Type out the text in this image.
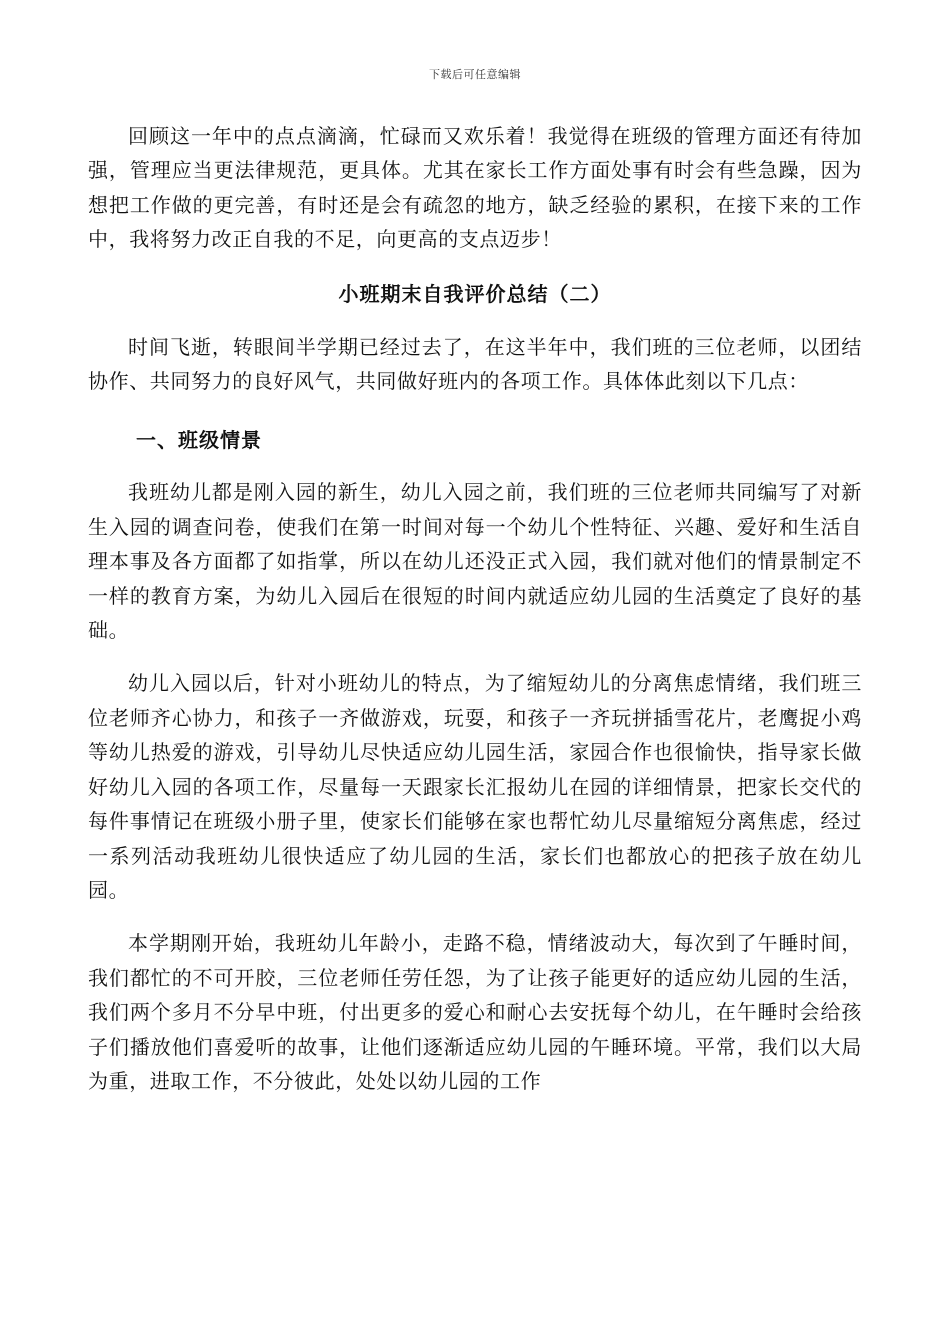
下载后可任意编辑

回顾这一年中的点点滴滴，忙碌而又欢乐着！我觉得在班级的管理方面还有待加强，管理应当更法律规范，更具体。尤其在家长工作方面处事有时会有些急躁，因为想把工作做的更完善，有时还是会有疏忽的地方，缺乏经验的累积，在接下来的工作中，我将努力改正自我的不足，向更高的支点迈步！

小班期末自我评价总结（二）

时间飞逝，转眼间半学期已经过去了，在这半年中，我们班的三位老师，以团结协作、共同努力的良好风气，共同做好班内的各项工作。具体体此刻以下几点：

一、班级情景

我班幼儿都是刚入园的新生，幼儿入园之前，我们班的三位老师共同编写了对新生入园的调查问卷，使我们在第一时间对每一个幼儿个性特征、兴趣、爱好和生活自理本事及各方面都了如指掌，所以在幼儿还没正式入园，我们就对他们的情景制定不一样的教育方案，为幼儿入园后在很短的时间内就适应幼儿园的生活奠定了良好的基础。

幼儿入园以后，针对小班幼儿的特点，为了缩短幼儿的分离焦虑情绪，我们班三位老师齐心协力，和孩子一齐做游戏，玩耍，和孩子一齐玩拼插雪花片，老鹰捉小鸡等幼儿热爱的游戏，引导幼儿尽快适应幼儿园生活，家园合作也很愉快，指导家长做好幼儿入园的各项工作，尽量每一天跟家长汇报幼儿在园的详细情景，把家长交代的每件事情记在班级小册子里，使家长们能够在家也帮忙幼儿尽量缩短分离焦虑，经过一系列活动我班幼儿很快适应了幼儿园的生活，家长们也都放心的把孩子放在幼儿园。

本学期刚开始，我班幼儿年龄小，走路不稳，情绪波动大，每次到了午睡时间，我们都忙的不可开胶，三位老师任劳任怨，为了让孩子能更好的适应幼儿园的生活，我们两个多月不分早中班，付出更多的爱心和耐心去安抚每个幼儿，在午睡时会给孩子们播放他们喜爱听的故事，让他们逐渐适应幼儿园的午睡环境。平常，我们以大局为重，进取工作，不分彼此，处处以幼儿园的工作
